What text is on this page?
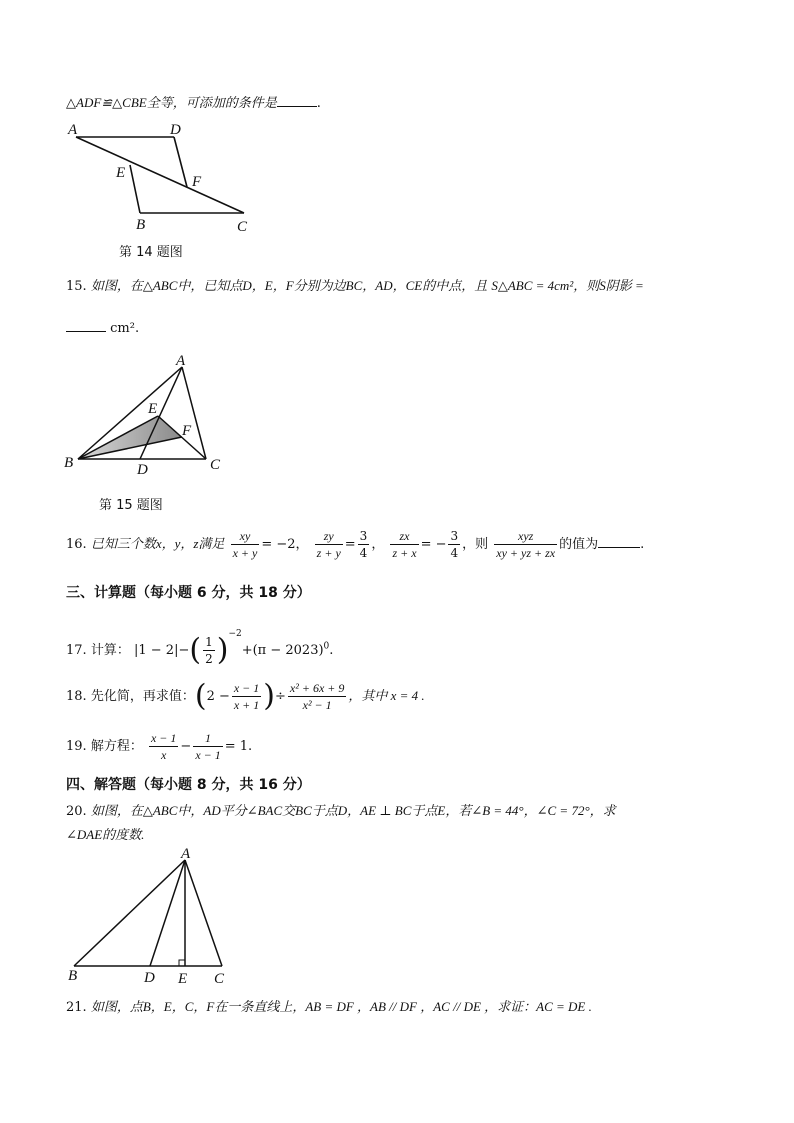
△ADF≌△CBE全等，可添加的条件是	.
A	D
E
F
B	C
第 14 题图
15. 如图，在△ABC中，已知点D，E，F分别为边BC，AD，CE的中点，且 S△ABC = 4cm²，则S阴影 =
cm².
A
E
F
B	D	C
第 15 题图
16. 已知三个数x，y，z满足 $\frac{xy}{x + y} = -2$， $\frac{zy}{z + y} = \frac{3}{4}$ ， $\frac{zx}{z + x}$ = − $\frac{3}{4}$ ，则 $\frac{\text{xyz}}{xy + yz + zx}$ 的值为	.
三、计算题（每小题 6 分，共 18 分）
17. 计算： $|1 - 2|-( \frac{1}{2} )^{-2}+(\pi - 2023)^0$.
18. 先化简，再求值：($2 - \frac{x - 1}{x + 1}$ )÷ $\frac{\text{x² + 6x + 9}}{\text{x² − 1}}$ ，其中 x = 4 .
19. 解方程： $\frac{x - 1}{x} - \frac{1}{x - 1} = 1$.
四、解答题（每小题 8 分，共 16 分）
20. 如图，在△ABC中，AD平分∠BAC交BC于点D，AE ⊥ BC于点E，若∠B = 44°，∠C = 72°，求
∠DAE的度数.
A
B	D E C
21. 如图，点B，E，C，F在一条直线上，AB = DF ，AB // DF ，AC // DE ，求证：AC = DE .
